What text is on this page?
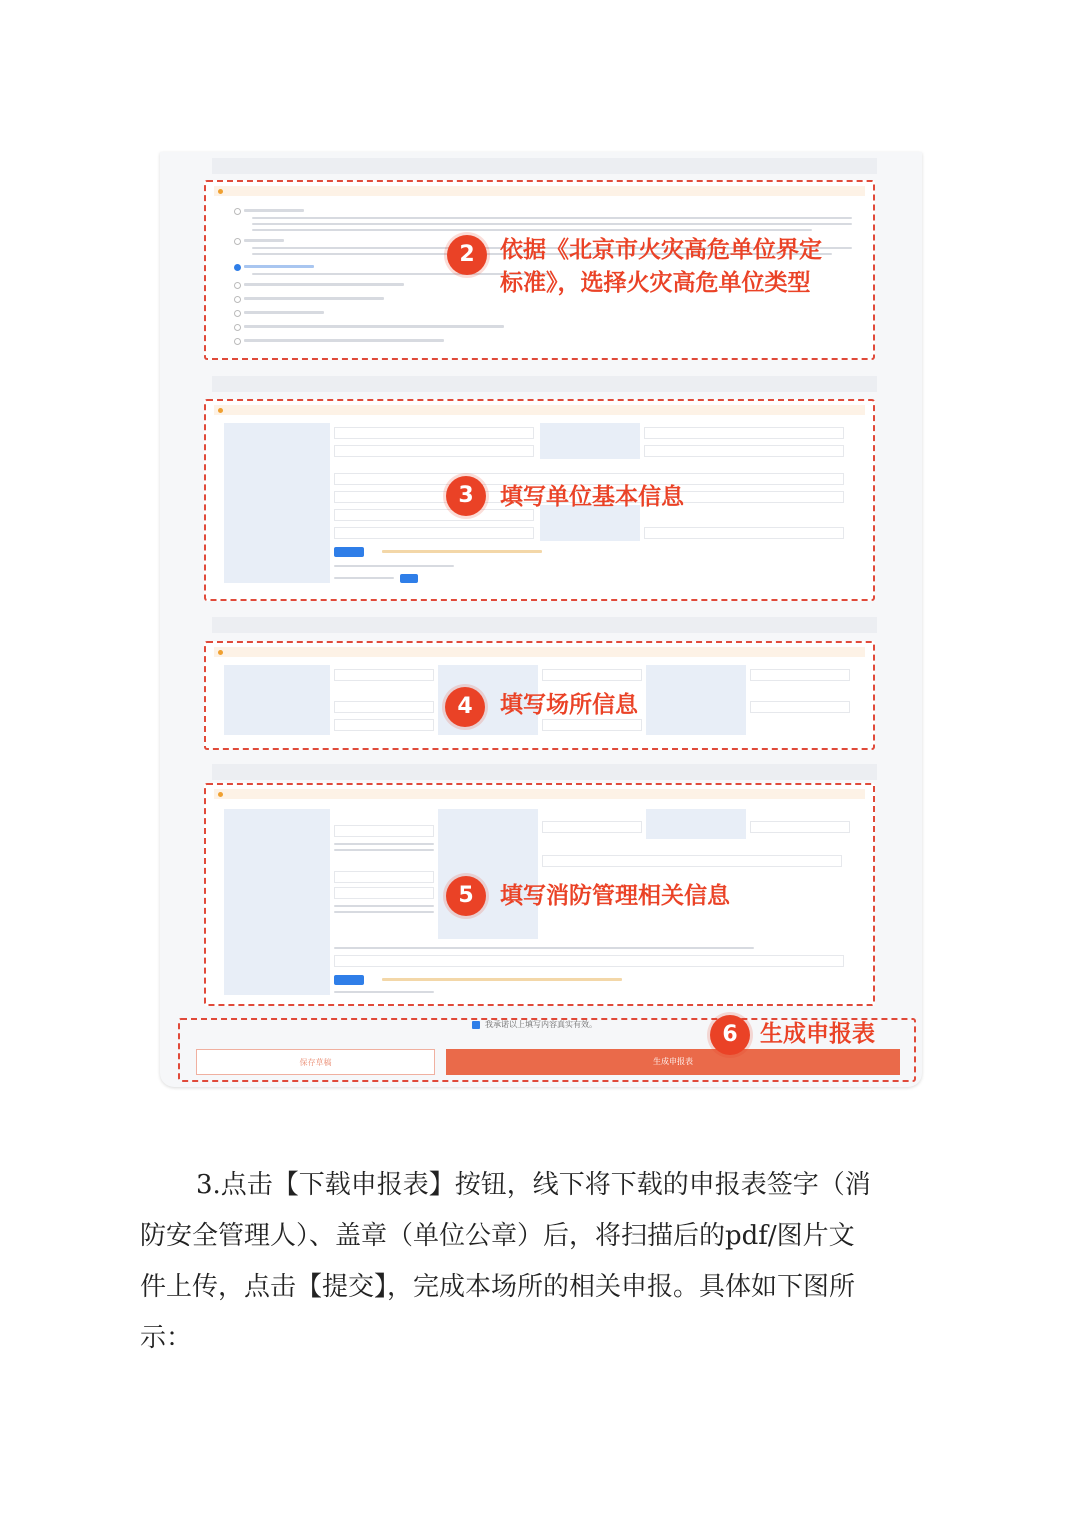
2	依据《北京市火灾高危单位界定
标准》，选择火灾高危单位类型
3	填写单位基本信息
4	填写场所信息
5	填写消防管理相关信息
我承诺以上填写内容真实有效。
保存草稿	生成申报表
6 生成申报表
3.点击【下载申报表】按钮，线下将下载的申报表签字（消
防安全管理人）、盖章（单位公章）后，将扫描后的pdf/图片文
件上传，点击【提交】，完成本场所的相关申报。具体如下图所
示：
